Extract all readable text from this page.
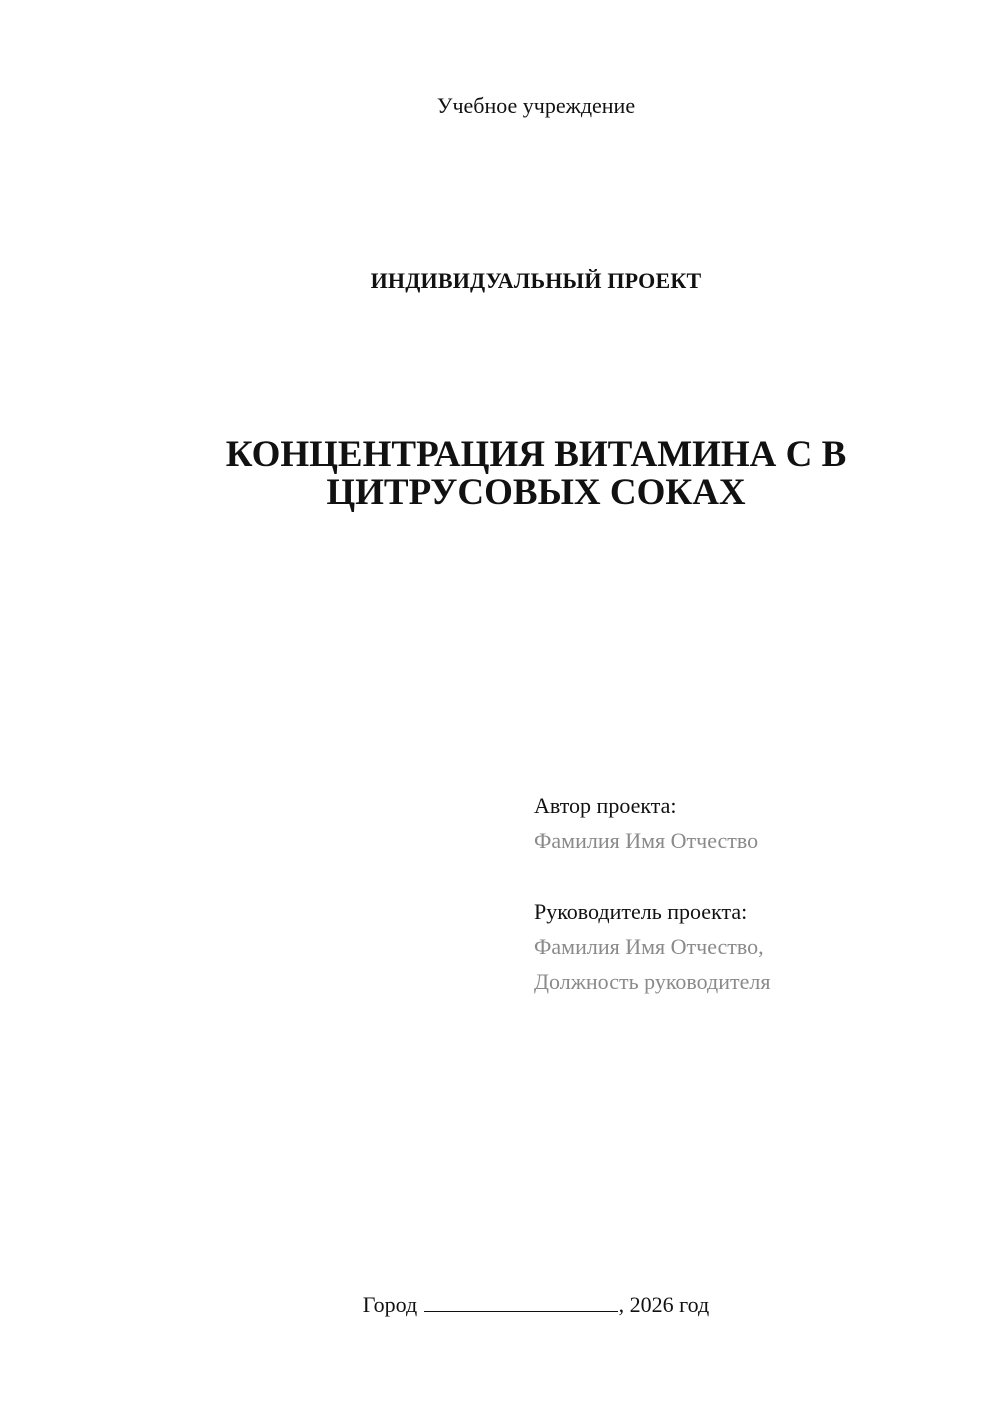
Учебное учреждение
ИНДИВИДУАЛЬНЫЙ ПРОЕКТ
КОНЦЕНТРАЦИЯ ВИТАМИНА С В
ЦИТРУСОВЫХ СОКАХ
Автор проекта:
Фамилия Имя Отчество
Руководитель проекта:
Фамилия Имя Отчество,
Должность руководителя
Город	, 2026 год
